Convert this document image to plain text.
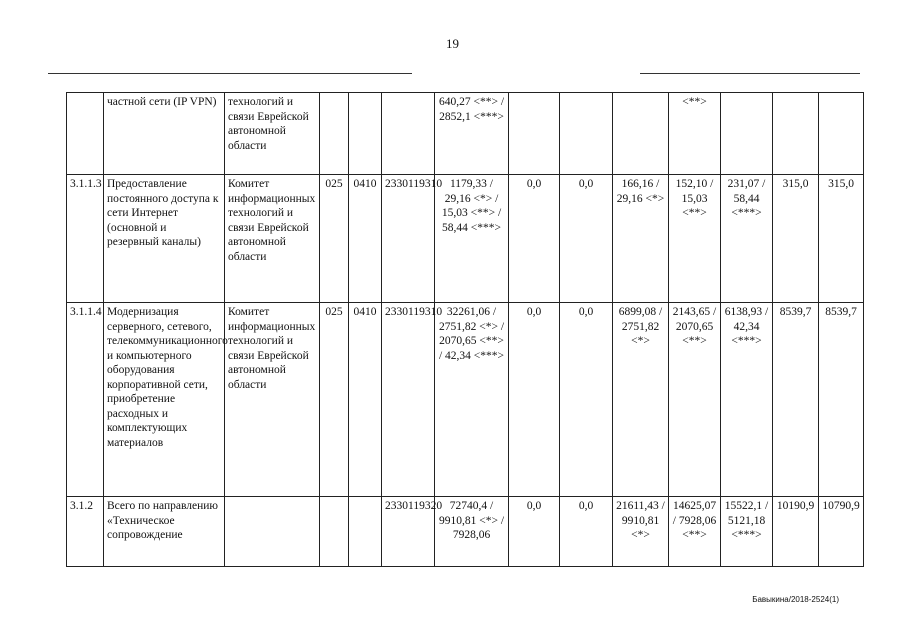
19
	частной сети (IP VPN)	технологий и связи Еврейской автономной области				640,27 <**> / 2852,1 <***>				<**>			
3.1.1.3	Предоставление постоянного доступа к сети Интернет (основной и резервный каналы)	Комитет информационных технологий и связи Еврейской автономной области	025	0410	2330119310	1179,33 / 29,16 <*> / 15,03 <**> / 58,44 <***>	0,0	0,0	166,16 / 29,16 <*>	152,10 / 15,03 <**>	231,07 / 58,44 <***>	315,0	315,0
3.1.1.4	Модернизация серверного, сетевого, телекоммуникационного и компьютерного оборудования корпоративной сети, приобретение расходных и комплектующих материалов	Комитет информационных технологий и связи Еврейской автономной области	025	0410	2330119310	32261,06 / 2751,82 <*> / 2070,65 <**> / 42,34 <***>	0,0	0,0	6899,08 / 2751,82 <*>	2143,65 / 2070,65 <**>	6138,93 / 42,34 <***>	8539,7	8539,7
3.1.2	Всего по направлению «Техническое сопровождение				2330119320	72740,4 / 9910,81 <*> / 7928,06	0,0	0,0	21611,43 / 9910,81 <*>	14625,07 / 7928,06 <**>	15522,1 / 5121,18 <***>	10190,9	10790,9
Бавыкина/2018-2524(1)
